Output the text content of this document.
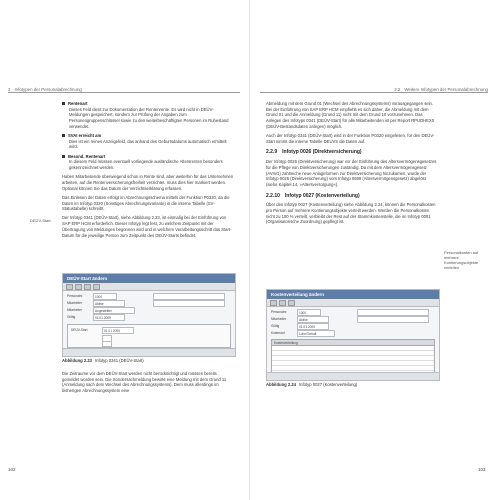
2 Infotypen der Personalabrechnung
Rentenart
Dieses Feld dient zur Dokumentation der Rentenrente. Es wird nicht in DEÜV-Meldungen gespeichert, sondern zur Prüfung der Angaben zum Personengruppenschlüssel sowie zu den weiterbeschäftigten Personen im Ruhestand verwendet.
SVAI erreicht am
Dies ist ein reines Anzeigefeld, das anhand des Geburtsdatums automatisch ermittelt wird.
Besond. Rentenart
In diesem Feld müssen eventuell vorliegende ausländische Altersrenten besonders gekennzeichnet werden.
Haben Mitarbeitende überwiegend schon in Rente sind, aber weiterhin für das Unternehmen arbeiten, auf die Rentenversicherungsfreiheit verzichtet, muss dies hier markiert werden. Optional können Sie das Datum der Verzichtserklärung erfassen.
Das Einlesen der Daten erfolgt im Abrechnungsschema mittels der Funktion P0320, da die Daten im Infotyp 0320 (Sonstiges Abrechnungsvariante) in die interne Tabelle (SV-Statustabelle) schreibt.
Der Infotyp 0341 (DEÜV-Start), siehe Abbildung 2.23, ist einmalig bei der Einführung von SAP ERP HCM erforderlich. Dieser Infotyp legt fest, zu welchem Zeitpunkt mit der Übertragung von Meldungen begonnen wird und in welchem Verarbeitungsschritt das Start-Datum für die jeweilige Person zum Zeitpunkt des DEÜV-Starts befindet.
DEÜV-Start
DEÜV-Start ändern
Personalnr.	1000
Mitarbeiter	Aktive
Mitarbeiter	Angestellter
Gültig	01.01.2009
DEÜV-Start	01.01.2009
Abbildung 2.23 Infotyp 0341 (DEÜV-Start)
Die Zeitraume vor dem DEÜV-Start werden nicht berücksichtigt und müssen bereits gemeldet worden sein. Die Sondersachmeldung bewirkt eine Meldung mit dem Grund 11 (Anmeldung nach dem Wechsel des Abrechnungssystems). Dem muss allerdings im bisherigen Abrechnungssystem eine
102
2.2 Weitere Infotypen der Personalabrechnung
Abmeldung mit dem Grund 01 (Wechsel des Abrechnungssystems) vorausgegangen sein. Bei der Einführung von SAP ERP HCM empfiehlt es sich daher, die Abmeldung mit dem Grund 01 und die Anmeldung (Grund 11) nicht mit dem Grund 10 vorzunehmen. Das Anlegen des Infotyps 0341 (DEÜV-Start) für alle Mitarbeitenden ist per Report RPUDHEX0 (DEÜV-Bestandsdaten anlegen) möglich.
Auch der Infotyp 0341 (DEÜV-Start) wird in der Funktion P0320 eingelesen, für den DEÜV-Start nimmt die interne Tabelle DEUVS die Daten auf.
2.2.9 Infotyp 0026 (Direktversicherung)
Der Infotyp 0026 (Direktversicherung) war vor der Einführung des Altersvermögensgesetzes für die Pflege von Direktversicherungen zuständig. Da mit dem Altersvermögensgesetz (AVmG) zahlreiche neue Anlageformen zur Direktversicherung hinzukamen, wurde der Infotyp 0026 (Direktversicherung) vom Infotyp 0699 (Altersvermögensgesetz) abgelöst (siehe Kapitel 14, »Altersversorgung«).
2.2.10 Infotyp 0027 (Kostenverteilung)
Über den Infotyp 0027 (Kostenverteilung) siehe Abbildung 2.24, können die Personalkosten pro Person auf mehrere Kontierungsobjekte verteilt werden. Werden die Personalkosten nicht zu 100 % verteilt, verbleibt der Rest auf der Stammkostenstelle, die im Infotyp 0001 (Organisatorische Zuordnung) gepflegt ist.
Personalkosten auf mehrere Kontierungsobjekte verteilen
Kostenverteilung ändern
Personalnr.	1000
Mitarbeiter	Aktive
Gültig	01.01.2009
Kostenart	Lohn/Gehalt
Kostenverteilung
Abbildung 2.24 Infotyp 0027 (Kostenverteilung)
103
